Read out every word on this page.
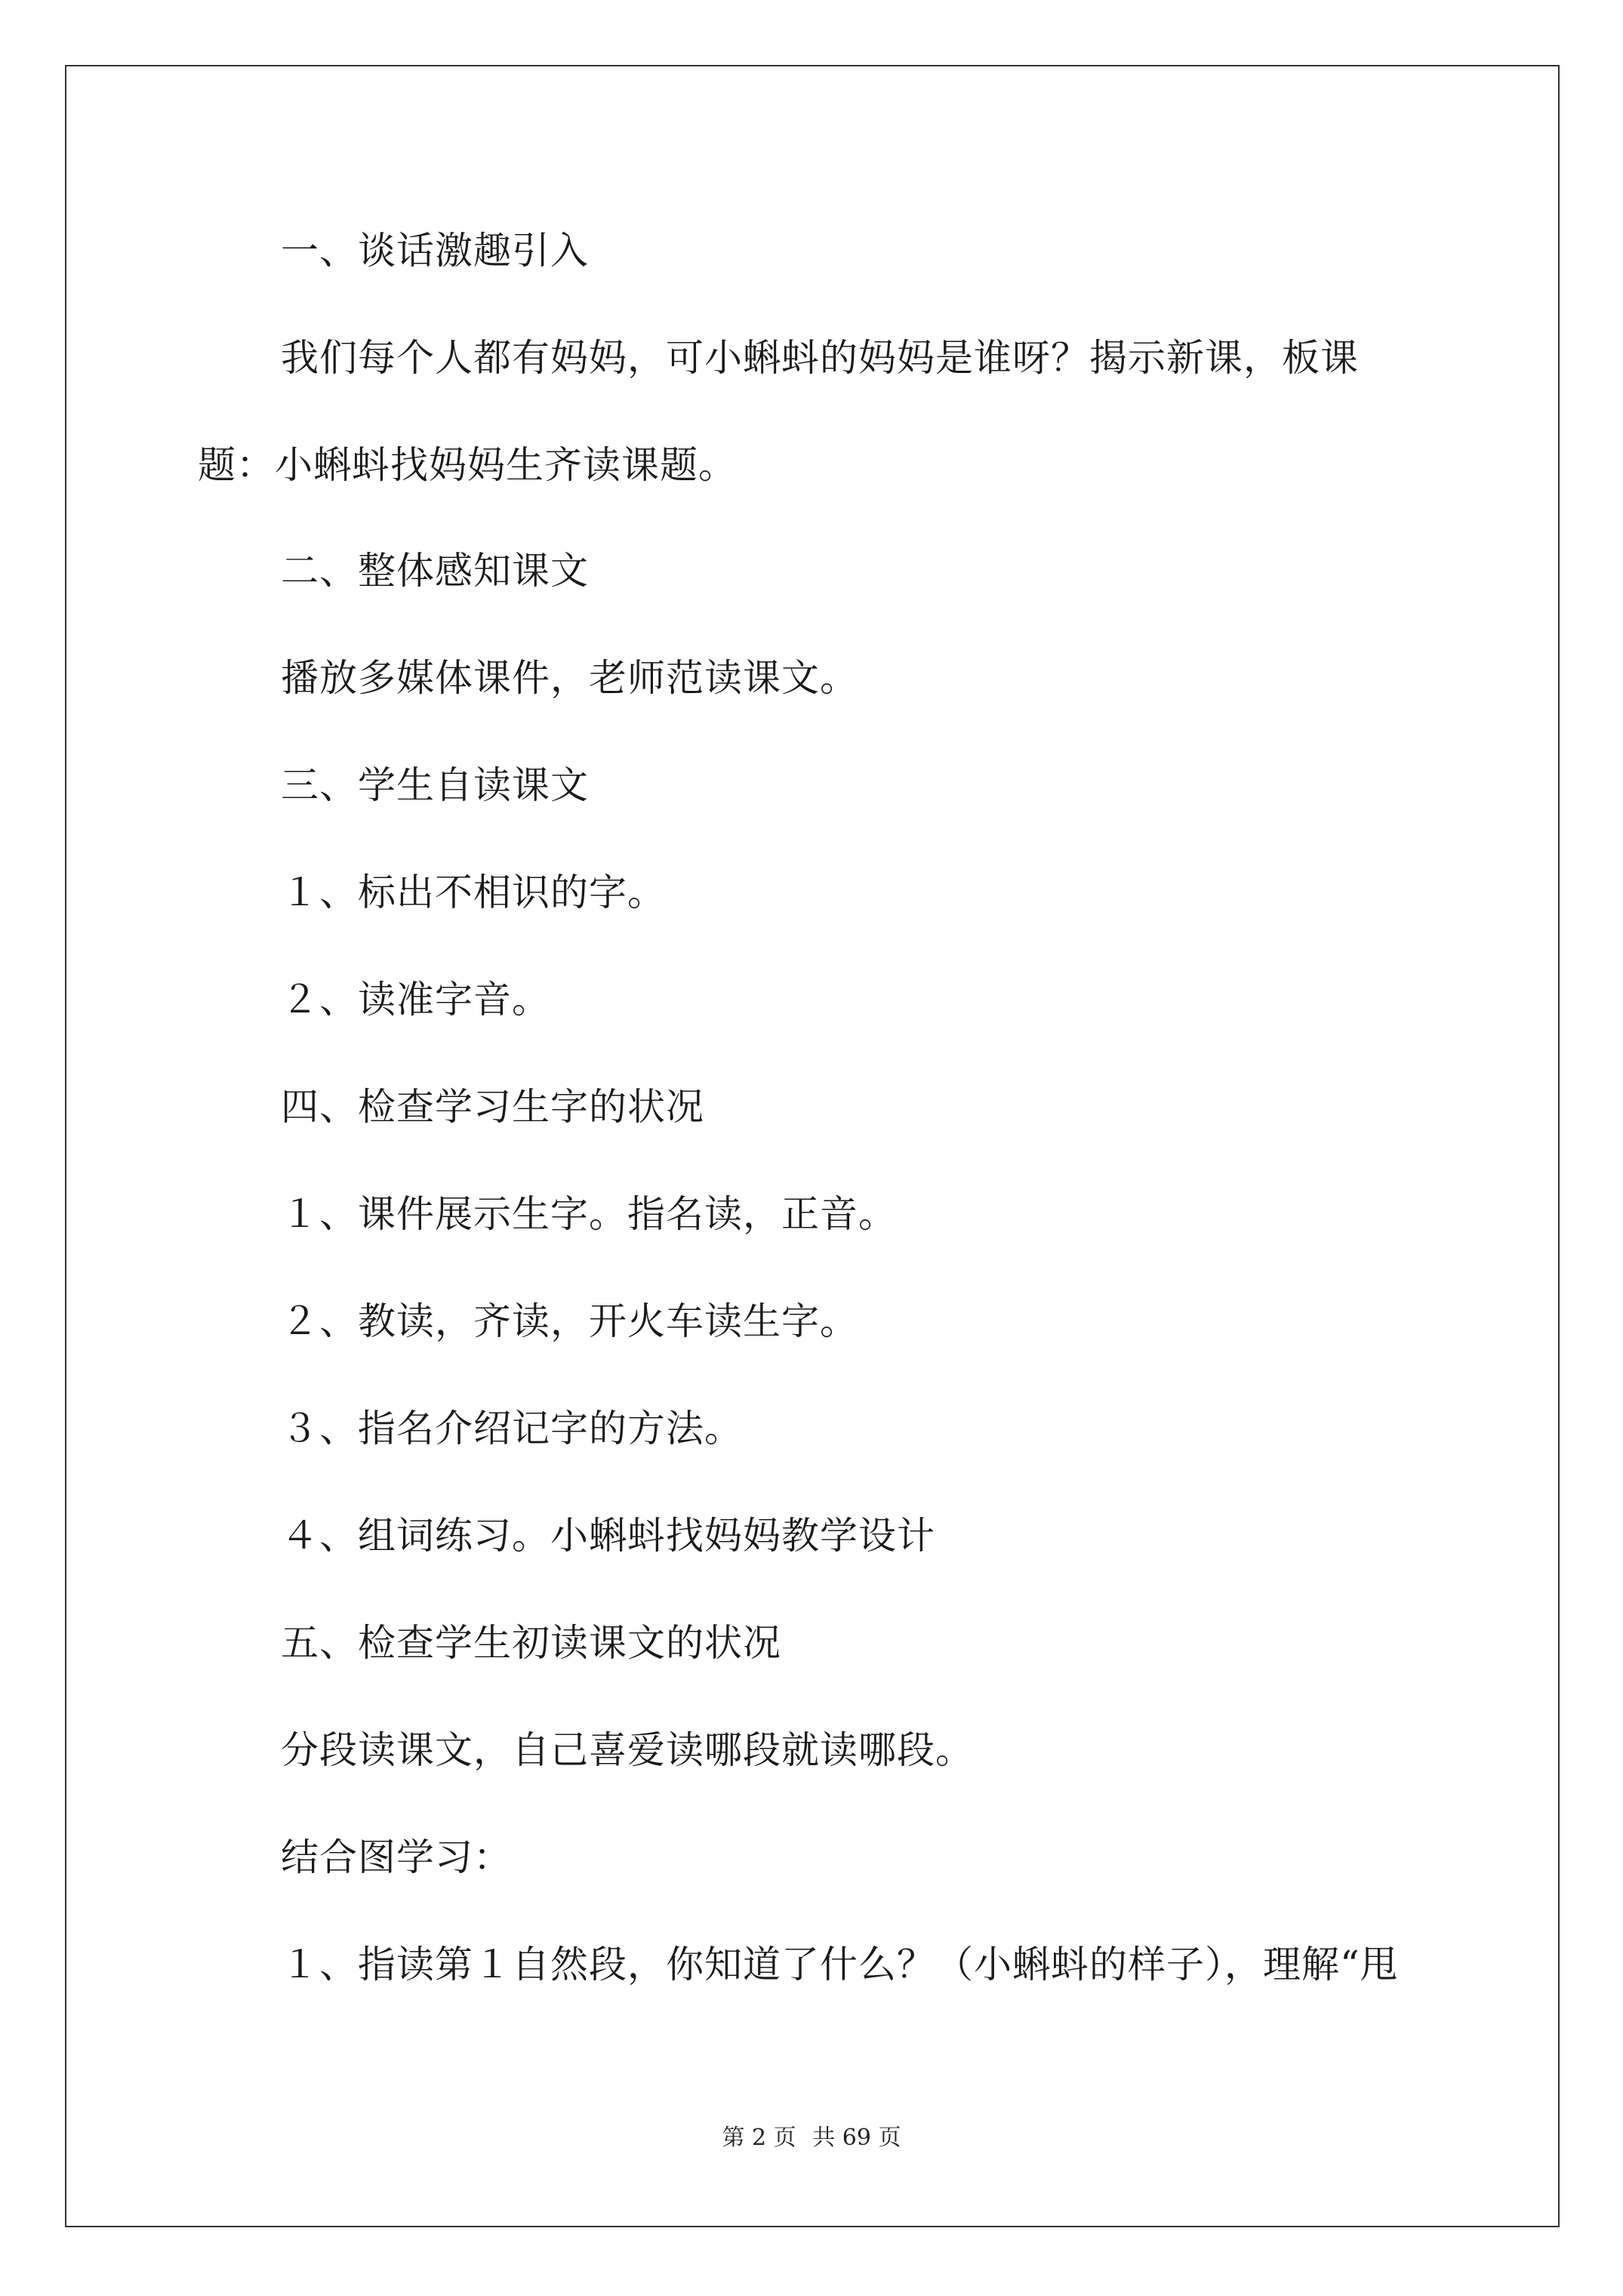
一、谈话激趣引入
我们每个人都有妈妈，可小蝌蚪的妈妈是谁呀？揭示新课，板课
题：小蝌蚪找妈妈生齐读课题。
二、整体感知课文
播放多媒体课件，老师范读课文。
三、学生自读课文
１、标出不相识的字。
２、读准字音。
四、检查学习生字的状况
１、课件展示生字。指名读，正音。
２、教读，齐读，开火车读生字。
３、指名介绍记字的方法。
４、组词练习。小蝌蚪找妈妈教学设计
五、检查学生初读课文的状况
分段读课文，自己喜爱读哪段就读哪段。
结合图学习：
１、指读第１自然段，你知道了什么？（小蝌蚪的样子），理解“甩
第 2 页 共 69 页
